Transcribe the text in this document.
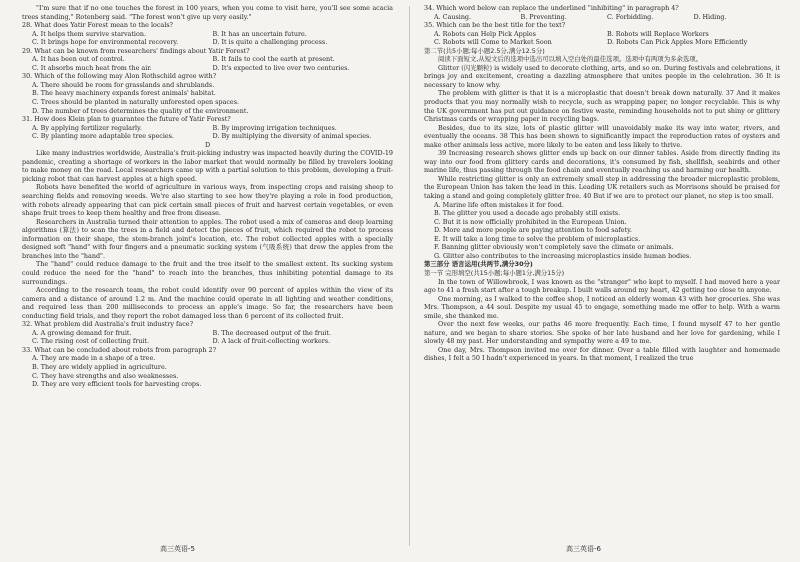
"I'm sure that if no one touches the forest in 100 years, when you come to visit here, you'll see some acacia trees standing," Rotenberg said. "The forest won't give up very easily."

28. What does Yatir Forest mean to the locals?

A. It helps them survive starvation.	B. It has an uncertain future.
C. It brings hope for environmental recovery.	D. It is quite a challenging process.

29. What can be known from researchers' findings about Yatir Forest?

A. It has been out of control.	B. It fails to cool the earth at present.
C. It absorbs much heat from the air.	D. It's expected to live over two centuries.

30. Which of the following may Alon Rothschild agree with?

A. There should be room for grasslands and shrublands.

B. The heavy machinery expands forest animals' habitat.

C. Trees should be planted in naturally unforested open spaces.

D. The number of trees determines the quality of the environment.

31. How does Klein plan to guarantee the future of Yatir Forest?

A. By applying fertilizer regularly.	B. By improving irrigation techniques.
C. By planting more adaptable tree species.	D. By multiplying the diversity of animal species.

D

Like many industries worldwide, Australia's fruit-picking industry was impacted heavily during the COVID-19 pandemic, creating a shortage of workers in the labor market that would normally be filled by travelers looking to make money on the road. Local researchers came up with a partial solution to this problem, developing a fruit-picking robot that can harvest apples at a high speed.

Robots have benefited the world of agriculture in various ways, from inspecting crops and raising sheep to searching fields and removing weeds. We're also starting to see how they're playing a role in food production, with robots already appearing that can pick certain small pieces of fruit and harvest certain vegetables, or even shape fruit trees to keep them healthy and free from disease.

Researchers in Australia turned their attention to apples. The robot used a mix of cameras and deep learning algorithms (算法) to scan the trees in a field and detect the pieces of fruit, which required the robot to process information on their shape, the stem-branch joint's location, etc. The robot collected apples with a specially designed soft "hand" with four fingers and a pneumatic sucking system (气吸系统) that drew the apples from the branches into the "hand".

The "hand" could reduce damage to the fruit and the tree itself to the smallest extent. Its sucking system could reduce the need for the "hand" to reach into the branches, thus inhibiting potential damage to its surroundings.

According to the research team, the robot could identify over 90 percent of apples within the view of its camera and a distance of around 1.2 m. And the machine could operate in all lighting and weather conditions, and required less than 200 milliseconds to process an apple's image. So far, the researchers have been conducting field trials, and they report the robot damaged less than 6 percent of its collected fruit.

32. What problem did Australia's fruit industry face?

A. A growing demand for fruit.	B. The decreased output of the fruit.
C. The rising cost of collecting fruit.	D. A lack of fruit-collecting workers.

33. What can be concluded about robots from paragraph 2?

A. They are made in a shape of a tree.

B. They are widely applied in agriculture.

C. They have strengths and also weaknesses.

D. They are very efficient tools for harvesting crops.

34. Which word below can replace the underlined "inhibiting" in paragraph 4?

A. Causing.	B. Preventing.	C. Forbidding.	D. Hiding.

35. Which can be the best title for the text?

A. Robots can Help Pick Apples	B. Robots will Replace Workers
C. Robots will Come to Market Soon	D. Robots Can Pick Apples More Efficiently

第二节(共5小题;每小题2.5分,满分12.5分)

阅读下面短文,从短文后的选项中选出可以填入空白处的最佳选项。选项中有两项为多余选项。

Glitter (闪光颗粒) is widely used to decorate clothing, arts, and so on. During festivals and celebrations, it brings joy and excitement, creating a dazzling atmosphere that unites people in the celebration. 36 It is necessary to know why.

The problem with glitter is that it is a microplastic that doesn't break down naturally. 37 And it makes products that you may normally wish to recycle, such as wrapping paper, no longer recyclable. This is why the UK government has put out guidance on festive waste, reminding households not to put shiny or glittery Christmas cards or wrapping paper in recycling bags.

Besides, due to its size, lots of plastic glitter will unavoidably make its way into water, rivers, and eventually the oceans. 38 This has been shown to significantly impact the reproduction rates of oysters and make other animals less active, more likely to be eaten and less likely to thrive.

39 Increasing research shows glitter ends up back on our dinner tables. Aside from directly finding its way into our food from glittery cards and decorations, it's consumed by fish, shellfish, seabirds and other marine life, thus passing through the food chain and eventually reaching us and harming our health.

While restricting glitter is only an extremely small step in addressing the broader microplastic problem, the European Union has taken the lead in this. Leading UK retailers such as Morrisons should be praised for taking a stand and going completely glitter free. 40 But if we are to protect our planet, no step is too small.

A. Marine life often mistakes it for food.

B. The glitter you used a decade ago probably still exists.

C. But it is now officially prohibited in the European Union.

D. More and more people are paying attention to food safety.

E. It will take a long time to solve the problem of microplastics.

F. Banning glitter obviously won't completely save the climate or animals.

G. Glitter also contributes to the increasing microplastics inside human bodies.

第三部分 语言运用(共两节,满分30分)

第一节 完形填空(共15小题;每小题1分,满分15分)

In the town of Willowbrook, I was known as the "stranger" who kept to myself. I had moved here a year ago to 41 a fresh start after a tough breakup. I built walls around my heart, 42 getting too close to anyone.

One morning, as I walked to the coffee shop, I noticed an elderly woman 43 with her groceries. She was Mrs. Thompson, a 44 soul. Despite my usual 45 to engage, something made me offer to help. With a warm smile, she thanked me.

Over the next few weeks, our paths 46 more frequently. Each time, I found myself 47 to her gentle nature, and we began to share stories. She spoke of her late husband and her love for gardening, while I slowly 48 my past. Her understanding and sympathy were a 49 to me.

One day, Mrs. Thompson invited me over for dinner. Over a table filled with laughter and homemade dishes, I felt a 50 I hadn't experienced in years. In that moment, I realized the true

高三英语-5	高三英语-6
